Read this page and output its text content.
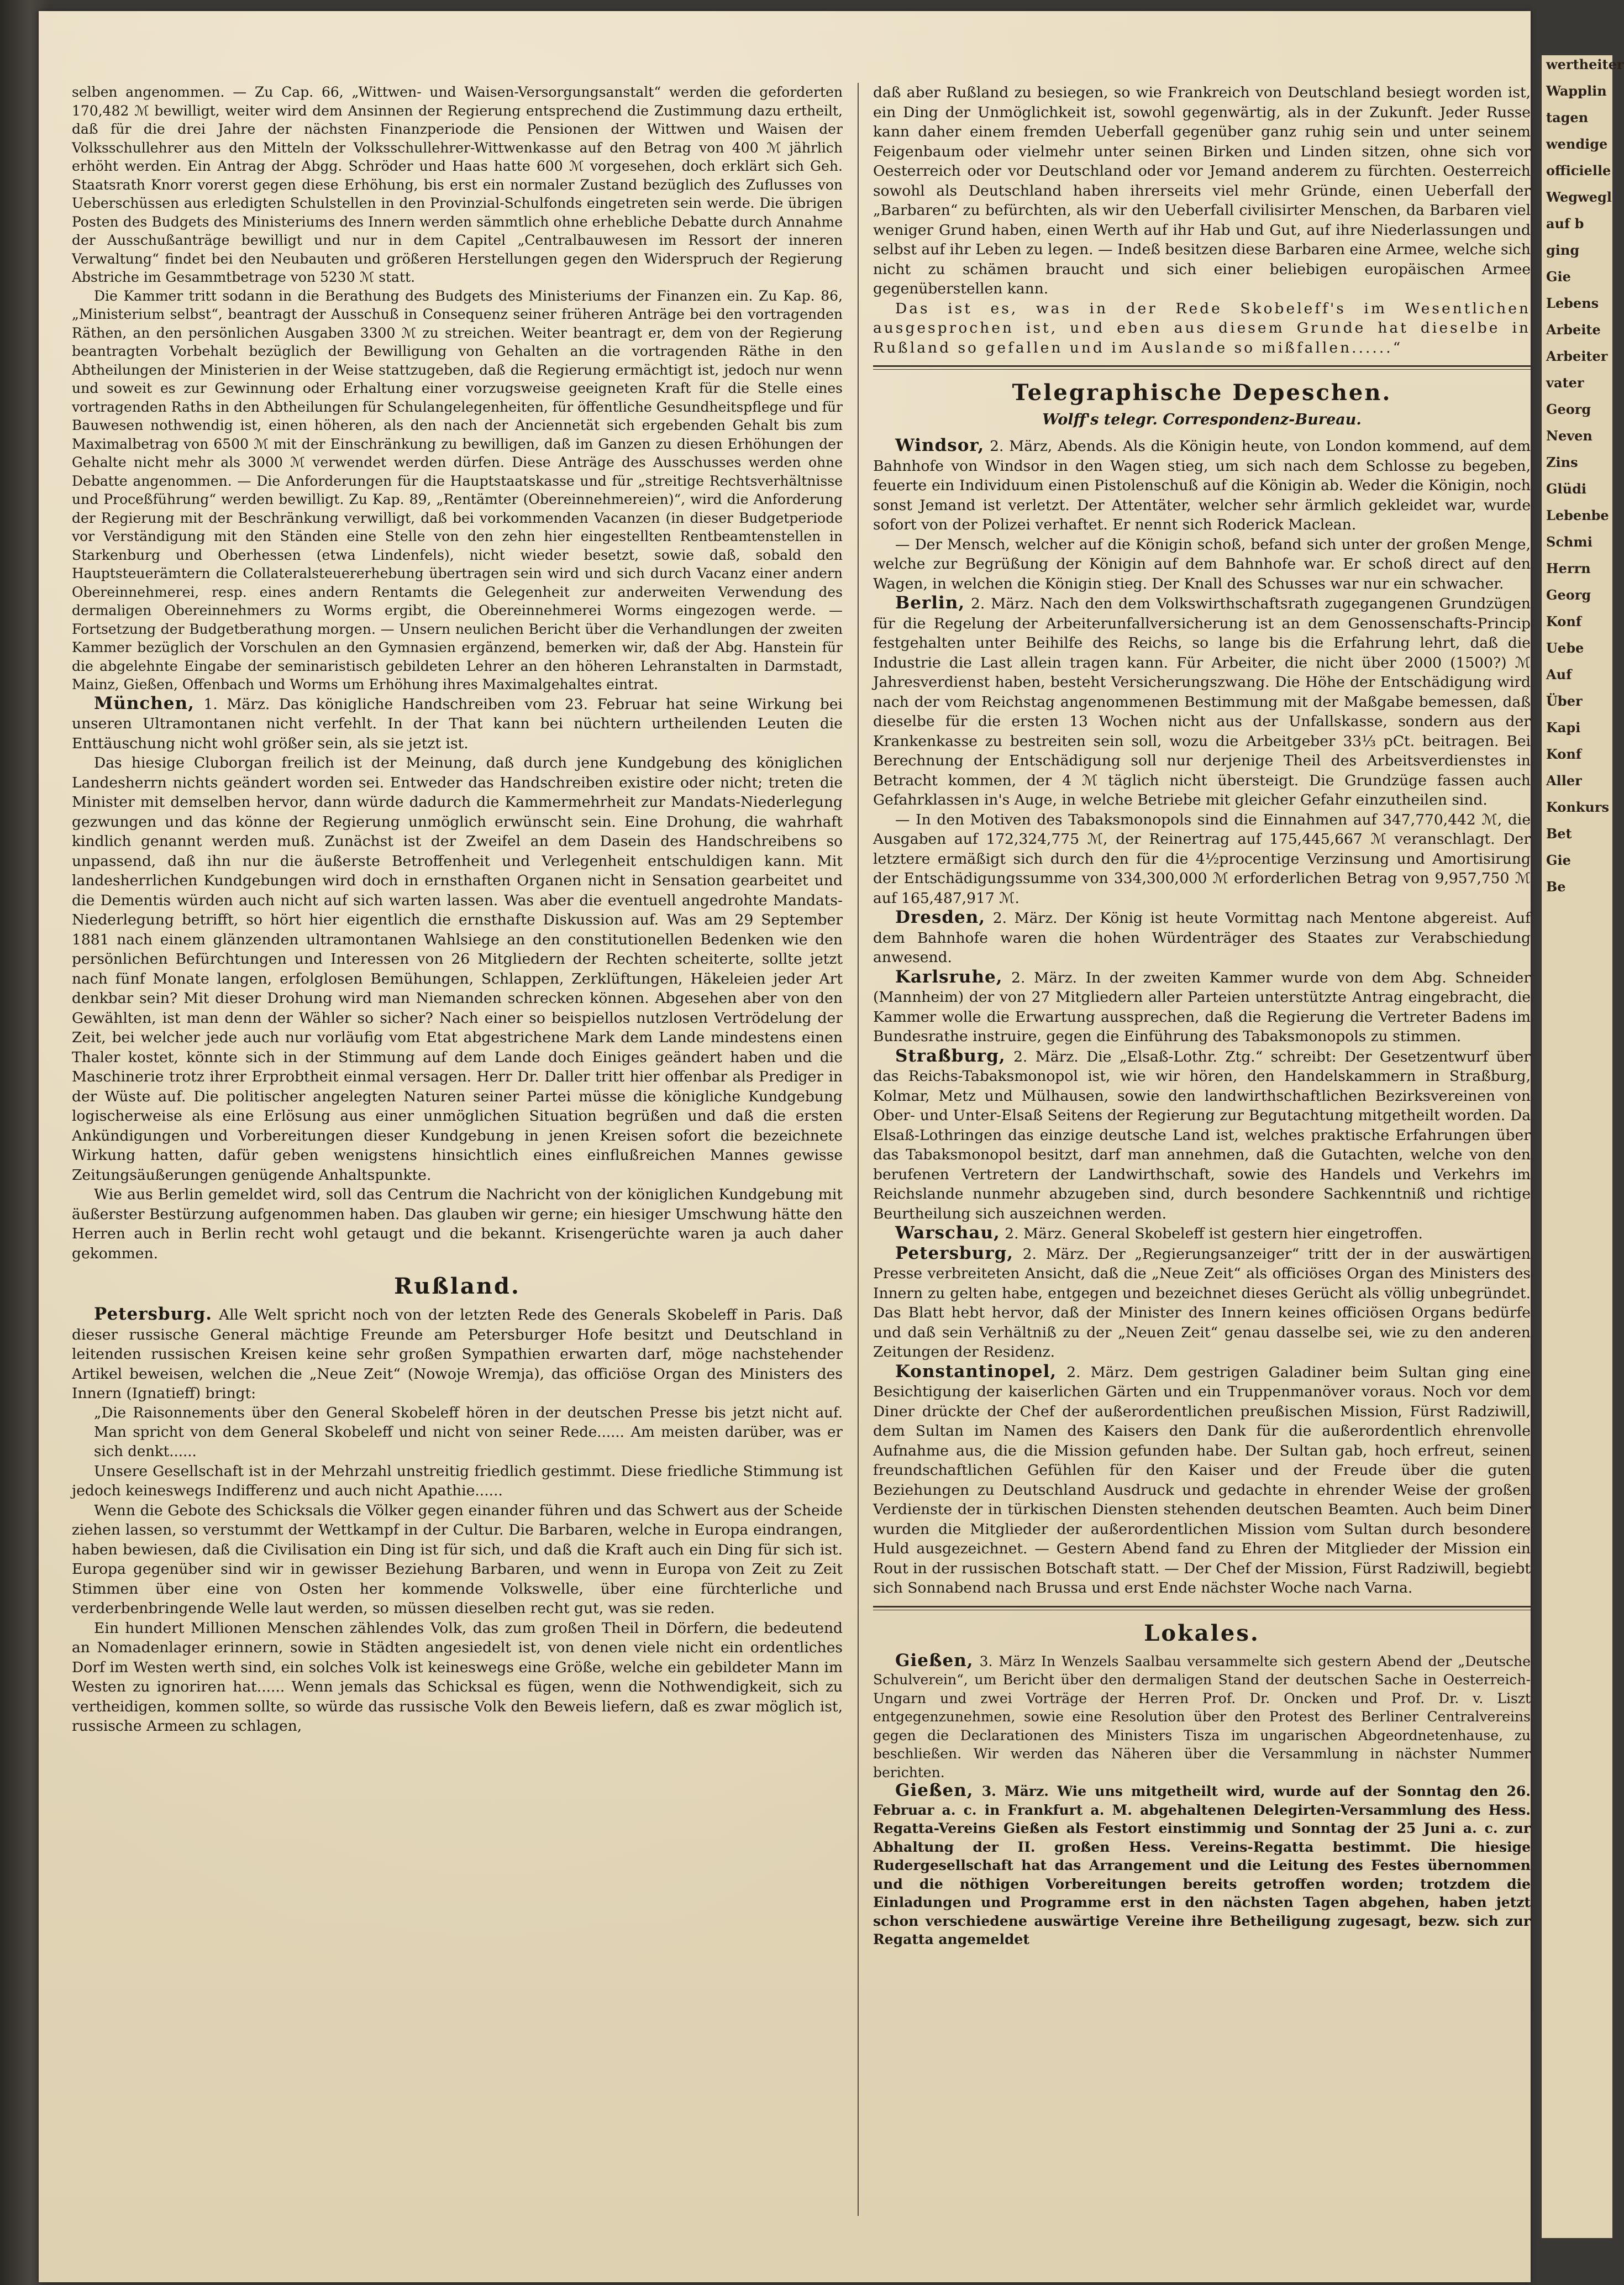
wertheiter

Wapplin

tagen

wendige

officielle

Wegwegl

auf b

ging

Gie

Lebens

Arbeite

Arbeiter

vater

Georg

Neven

Zins

Glüdi

Lebenbe

Schmi

Herrn

Georg

Konf

Uebe

Auf

Über

Kapi

Konf

Aller

Konkurs

Bet

Gie

Be

selben angenommen. — Zu Cap. 66, „Wittwen- und Waisen-Versorgungsanstalt“ werden die geforderten 170,482 ℳ bewilligt, weiter wird dem Ansinnen der Regierung entsprechend die Zustimmung dazu ertheilt, daß für die drei Jahre der nächsten Finanzperiode die Pensionen der Wittwen und Waisen der Volksschullehrer aus den Mitteln der Volksschullehrer-Wittwenkasse auf den Betrag von 400 ℳ jährlich erhöht werden. Ein Antrag der Abgg. Schröder und Haas hatte 600 ℳ vorgesehen, doch erklärt sich Geh. Staatsrath Knorr vorerst gegen diese Erhöhung, bis erst ein normaler Zustand bezüglich des Zuflusses von Ueberschüssen aus erledigten Schulstellen in den Provinzial-Schulfonds eingetreten sein werde. Die übrigen Posten des Budgets des Ministeriums des Innern werden sämmtlich ohne erhebliche Debatte durch Annahme der Ausschußanträge bewilligt und nur in dem Capitel „Centralbauwesen im Ressort der inneren Verwaltung“ findet bei den Neubauten und größeren Herstellungen gegen den Widerspruch der Regierung Abstriche im Gesammtbetrage von 5230 ℳ statt.

Die Kammer tritt sodann in die Berathung des Budgets des Ministeriums der Finanzen ein. Zu Kap. 86, „Ministerium selbst“, beantragt der Ausschuß in Consequenz seiner früheren Anträge bei den vortragenden Räthen, an den persönlichen Ausgaben 3300 ℳ zu streichen. Weiter beantragt er, dem von der Regierung beantragten Vorbehalt bezüglich der Bewilligung von Gehalten an die vortragenden Räthe in den Abtheilungen der Ministerien in der Weise stattzugeben, daß die Regierung ermächtigt ist, jedoch nur wenn und soweit es zur Gewinnung oder Erhaltung einer vorzugsweise geeigneten Kraft für die Stelle eines vortragenden Raths in den Abtheilungen für Schulangelegenheiten, für öffentliche Gesundheitspflege und für Bauwesen nothwendig ist, einen höheren, als den nach der Anciennetät sich ergebenden Gehalt bis zum Maximalbetrag von 6500 ℳ mit der Einschränkung zu bewilligen, daß im Ganzen zu diesen Erhöhungen der Gehalte nicht mehr als 3000 ℳ verwendet werden dürfen. Diese Anträge des Ausschusses werden ohne Debatte angenommen. — Die Anforderungen für die Hauptstaatskasse und für „streitige Rechtsverhältnisse und Proceßführung“ werden bewilligt. Zu Kap. 89, „Rentämter (Obereinnehmereien)“, wird die Anforderung der Regierung mit der Beschränkung verwilligt, daß bei vorkommenden Vacanzen (in dieser Budgetperiode vor Verständigung mit den Ständen eine Stelle von den zehn hier eingestellten Rentbeamtenstellen in Starkenburg und Oberhessen (etwa Lindenfels), nicht wieder besetzt, sowie daß, sobald den Hauptsteuerämtern die Collateralsteuererhebung übertragen sein wird und sich durch Vacanz einer andern Obereinnehmerei, resp. eines andern Rentamts die Gelegenheit zur anderweiten Verwendung des dermaligen Obereinnehmers zu Worms ergibt, die Obereinnehmerei Worms eingezogen werde. — Fortsetzung der Budgetberathung morgen. — Unsern neulichen Bericht über die Verhandlungen der zweiten Kammer bezüglich der Vorschulen an den Gymnasien ergänzend, bemerken wir, daß der Abg. Hanstein für die abgelehnte Eingabe der seminaristisch gebildeten Lehrer an den höheren Lehranstalten in Darmstadt, Mainz, Gießen, Offenbach und Worms um Erhöhung ihres Maximalgehaltes eintrat.

München, 1. März. Das königliche Handschreiben vom 23. Februar hat seine Wirkung bei unseren Ultramontanen nicht verfehlt. In der That kann bei nüchtern urtheilenden Leuten die Enttäuschung nicht wohl größer sein, als sie jetzt ist.

Das hiesige Cluborgan freilich ist der Meinung, daß durch jene Kundgebung des königlichen Landesherrn nichts geändert worden sei. Entweder das Handschreiben existire oder nicht; treten die Minister mit demselben hervor, dann würde dadurch die Kammermehrheit zur Mandats-Niederlegung gezwungen und das könne der Regierung unmöglich erwünscht sein. Eine Drohung, die wahrhaft kindlich genannt werden muß. Zunächst ist der Zweifel an dem Dasein des Handschreibens so unpassend, daß ihn nur die äußerste Betroffenheit und Verlegenheit entschuldigen kann. Mit landesherrlichen Kundgebungen wird doch in ernsthaften Organen nicht in Sensation gearbeitet und die Dementis würden auch nicht auf sich warten lassen. Was aber die eventuell angedrohte Mandats-Niederlegung betrifft, so hört hier eigentlich die ernsthafte Diskussion auf. Was am 29 September 1881 nach einem glänzenden ultramontanen Wahlsiege an den constitutionellen Bedenken wie den persönlichen Befürchtungen und Interessen von 26 Mitgliedern der Rechten scheiterte, sollte jetzt nach fünf Monate langen, erfolglosen Bemühungen, Schlappen, Zerklüftungen, Häkeleien jeder Art denkbar sein? Mit dieser Drohung wird man Niemanden schrecken können. Abgesehen aber von den Gewählten, ist man denn der Wähler so sicher? Nach einer so beispiellos nutzlosen Vertrödelung der Zeit, bei welcher jede auch nur vorläufig vom Etat abgestrichene Mark dem Lande mindestens einen Thaler kostet, könnte sich in der Stimmung auf dem Lande doch Einiges geändert haben und die Maschinerie trotz ihrer Erprobtheit einmal versagen. Herr Dr. Daller tritt hier offenbar als Prediger in der Wüste auf. Die politischer angelegten Naturen seiner Partei müsse die königliche Kundgebung logischerweise als eine Erlösung aus einer unmöglichen Situation begrüßen und daß die ersten Ankündigungen und Vorbereitungen dieser Kundgebung in jenen Kreisen sofort die bezeichnete Wirkung hatten, dafür geben wenigstens hinsichtlich eines einflußreichen Mannes gewisse Zeitungsäußerungen genügende Anhaltspunkte.

Wie aus Berlin gemeldet wird, soll das Centrum die Nachricht von der königlichen Kundgebung mit äußerster Bestürzung aufgenommen haben. Das glauben wir gerne; ein hiesiger Umschwung hätte den Herren auch in Berlin recht wohl getaugt und die bekannt. Krisengerüchte waren ja auch daher gekommen.

Rußland.

Petersburg. Alle Welt spricht noch von der letzten Rede des Generals Skobeleff in Paris. Daß dieser russische General mächtige Freunde am Petersburger Hofe besitzt und Deutschland in leitenden russischen Kreisen keine sehr großen Sympathien erwarten darf, möge nachstehender Artikel beweisen, welchen die „Neue Zeit“ (Nowoje Wremja), das officiöse Organ des Ministers des Innern (Ignatieff) bringt:

„Die Raisonnements über den General Skobeleff hören in der deutschen Presse bis jetzt nicht auf. Man spricht von dem General Skobeleff und nicht von seiner Rede...... Am meisten darüber, was er sich denkt......

Unsere Gesellschaft ist in der Mehrzahl unstreitig friedlich gestimmt. Diese friedliche Stimmung ist jedoch keineswegs Indifferenz und auch nicht Apathie......

Wenn die Gebote des Schicksals die Völker gegen einander führen und das Schwert aus der Scheide ziehen lassen, so verstummt der Wettkampf in der Cultur. Die Barbaren, welche in Europa eindrangen, haben bewiesen, daß die Civilisation ein Ding ist für sich, und daß die Kraft auch ein Ding für sich ist. Europa gegenüber sind wir in gewisser Beziehung Barbaren, und wenn in Europa von Zeit zu Zeit Stimmen über eine von Osten her kommende Volkswelle, über eine fürchterliche und verderbenbringende Welle laut werden, so müssen dieselben recht gut, was sie reden.

Ein hundert Millionen Menschen zählendes Volk, das zum großen Theil in Dörfern, die bedeutend an Nomadenlager erinnern, sowie in Städten angesiedelt ist, von denen viele nicht ein ordentliches Dorf im Westen werth sind, ein solches Volk ist keineswegs eine Größe, welche ein gebildeter Mann im Westen zu ignoriren hat...... Wenn jemals das Schicksal es fügen, wenn die Nothwendigkeit, sich zu vertheidigen, kommen sollte, so würde das russische Volk den Beweis liefern, daß es zwar möglich ist, russische Armeen zu schlagen,

daß aber Rußland zu besiegen, so wie Frankreich von Deutschland besiegt worden ist, ein Ding der Unmöglichkeit ist, sowohl gegenwärtig, als in der Zukunft. Jeder Russe kann daher einem fremden Ueberfall gegenüber ganz ruhig sein und unter seinem Feigenbaum oder vielmehr unter seinen Birken und Linden sitzen, ohne sich vor Oesterreich oder vor Deutschland oder vor Jemand anderem zu fürchten. Oesterreich sowohl als Deutschland haben ihrerseits viel mehr Gründe, einen Ueberfall der „Barbaren“ zu befürchten, als wir den Ueberfall civilisirter Menschen, da Barbaren viel weniger Grund haben, einen Werth auf ihr Hab und Gut, auf ihre Niederlassungen und selbst auf ihr Leben zu legen. — Indeß besitzen diese Barbaren eine Armee, welche sich nicht zu schämen braucht und sich einer beliebigen europäischen Armee gegenüberstellen kann.

Das ist es, was in der Rede Skobeleff's im Wesentlichen ausgesprochen ist, und eben aus diesem Grunde hat dieselbe in Rußland so gefallen und im Auslande so mißfallen......“

Telegraphische Depeschen.
Wolff's telegr. Correspondenz-Bureau.

Windsor, 2. März, Abends. Als die Königin heute, von London kommend, auf dem Bahnhofe von Windsor in den Wagen stieg, um sich nach dem Schlosse zu begeben, feuerte ein Individuum einen Pistolenschuß auf die Königin ab. Weder die Königin, noch sonst Jemand ist verletzt. Der Attentäter, welcher sehr ärmlich gekleidet war, wurde sofort von der Polizei verhaftet. Er nennt sich Roderick Maclean.

— Der Mensch, welcher auf die Königin schoß, befand sich unter der großen Menge, welche zur Begrüßung der Königin auf dem Bahnhofe war. Er schoß direct auf den Wagen, in welchen die Königin stieg. Der Knall des Schusses war nur ein schwacher.

Berlin, 2. März. Nach den dem Volkswirthschaftsrath zugegangenen Grundzügen für die Regelung der Arbeiterunfallversicherung ist an dem Genossenschafts-Princip festgehalten unter Beihilfe des Reichs, so lange bis die Erfahrung lehrt, daß die Industrie die Last allein tragen kann. Für Arbeiter, die nicht über 2000 (1500?) ℳ Jahresverdienst haben, besteht Versicherungszwang. Die Höhe der Entschädigung wird nach der vom Reichstag angenommenen Bestimmung mit der Maßgabe bemessen, daß dieselbe für die ersten 13 Wochen nicht aus der Unfallskasse, sondern aus der Krankenkasse zu bestreiten sein soll, wozu die Arbeitgeber 33⅓ pCt. beitragen. Bei Berechnung der Entschädigung soll nur derjenige Theil des Arbeitsverdienstes in Betracht kommen, der 4 ℳ täglich nicht übersteigt. Die Grundzüge fassen auch Gefahrklassen in's Auge, in welche Betriebe mit gleicher Gefahr einzutheilen sind.

— In den Motiven des Tabaksmonopols sind die Einnahmen auf 347,770,442 ℳ, die Ausgaben auf 172,324,775 ℳ, der Reinertrag auf 175,445,667 ℳ veranschlagt. Der letztere ermäßigt sich durch den für die 4½procentige Verzinsung und Amortisirung der Entschädigungssumme von 334,300,000 ℳ erforderlichen Betrag von 9,957,750 ℳ auf 165,487,917 ℳ.

Dresden, 2. März. Der König ist heute Vormittag nach Mentone abgereist. Auf dem Bahnhofe waren die hohen Würdenträger des Staates zur Verabschiedung anwesend.

Karlsruhe, 2. März. In der zweiten Kammer wurde von dem Abg. Schneider (Mannheim) der von 27 Mitgliedern aller Parteien unterstützte Antrag eingebracht, die Kammer wolle die Erwartung aussprechen, daß die Regierung die Vertreter Badens im Bundesrathe instruire, gegen die Einführung des Tabaksmonopols zu stimmen.

Straßburg, 2. März. Die „Elsaß-Lothr. Ztg.“ schreibt: Der Gesetzentwurf über das Reichs-Tabaksmonopol ist, wie wir hören, den Handelskammern in Straßburg, Kolmar, Metz und Mülhausen, sowie den landwirthschaftlichen Bezirksvereinen von Ober- und Unter-Elsaß Seitens der Regierung zur Begutachtung mitgetheilt worden. Da Elsaß-Lothringen das einzige deutsche Land ist, welches praktische Erfahrungen über das Tabaksmonopol besitzt, darf man annehmen, daß die Gutachten, welche von den berufenen Vertretern der Landwirthschaft, sowie des Handels und Verkehrs im Reichslande nunmehr abzugeben sind, durch besondere Sachkenntniß und richtige Beurtheilung sich auszeichnen werden.

Warschau, 2. März. General Skobeleff ist gestern hier eingetroffen.

Petersburg, 2. März. Der „Regierungsanzeiger“ tritt der in der auswärtigen Presse verbreiteten Ansicht, daß die „Neue Zeit“ als officiöses Organ des Ministers des Innern zu gelten habe, entgegen und bezeichnet dieses Gerücht als völlig unbegründet. Das Blatt hebt hervor, daß der Minister des Innern keines officiösen Organs bedürfe und daß sein Verhältniß zu der „Neuen Zeit“ genau dasselbe sei, wie zu den anderen Zeitungen der Residenz.

Konstantinopel, 2. März. Dem gestrigen Galadiner beim Sultan ging eine Besichtigung der kaiserlichen Gärten und ein Truppenmanöver voraus. Noch vor dem Diner drückte der Chef der außerordentlichen preußischen Mission, Fürst Radziwill, dem Sultan im Namen des Kaisers den Dank für die außerordentlich ehrenvolle Aufnahme aus, die die Mission gefunden habe. Der Sultan gab, hoch erfreut, seinen freundschaftlichen Gefühlen für den Kaiser und der Freude über die guten Beziehungen zu Deutschland Ausdruck und gedachte in ehrender Weise der großen Verdienste der in türkischen Diensten stehenden deutschen Beamten. Auch beim Diner wurden die Mitglieder der außerordentlichen Mission vom Sultan durch besondere Huld ausgezeichnet. — Gestern Abend fand zu Ehren der Mitglieder der Mission ein Rout in der russischen Botschaft statt. — Der Chef der Mission, Fürst Radziwill, begiebt sich Sonnabend nach Brussa und erst Ende nächster Woche nach Varna.

Lokales.

Gießen, 3. März In Wenzels Saalbau versammelte sich gestern Abend der „Deutsche Schulverein“, um Bericht über den dermaligen Stand der deutschen Sache in Oesterreich-Ungarn und zwei Vorträge der Herren Prof. Dr. Oncken und Prof. Dr. v. Liszt entgegenzunehmen, sowie eine Resolution über den Protest des Berliner Centralvereins gegen die Declarationen des Ministers Tisza im ungarischen Abgeordnetenhause, zu beschließen. Wir werden das Näheren über die Versammlung in nächster Nummer berichten.

Gießen, 3. März. Wie uns mitgetheilt wird, wurde auf der Sonntag den 26. Februar a. c. in Frankfurt a. M. abgehaltenen Delegirten-Versammlung des Hess. Regatta-Vereins Gießen als Festort einstimmig und Sonntag der 25 Juni a. c. zur Abhaltung der II. großen Hess. Vereins-Regatta bestimmt. Die hiesige Rudergesellschaft hat das Arrangement und die Leitung des Festes übernommen und die nöthigen Vorbereitungen bereits getroffen worden; trotzdem die Einladungen und Programme erst in den nächsten Tagen abgehen, haben jetzt schon verschiedene auswärtige Vereine ihre Betheiligung zugesagt, bezw. sich zur Regatta angemeldet
